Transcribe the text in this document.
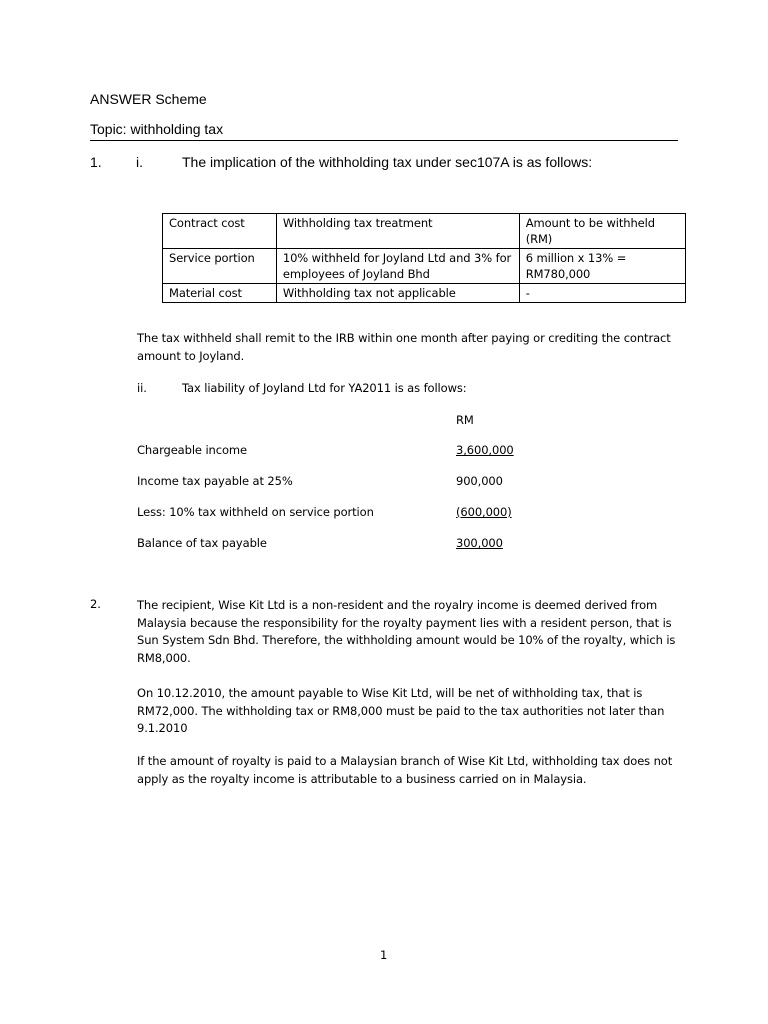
ANSWER Scheme
Topic: withholding tax
1. i.	The implication of the withholding tax under sec107A is as follows:
Contract cost	Withholding tax treatment	Amount to be withheld (RM)
Service portion	10% withheld for Joyland Ltd and 3% for employees of Joyland Bhd	6 million x 13% = RM780,000
Material cost	Withholding tax not applicable	-
The tax withheld shall remit to the IRB within one month after paying or crediting the contract amount to Joyland.
ii.	Tax liability of Joyland Ltd for YA2011 is as follows:
RM
Chargeable income	3,600,000
Income tax payable at 25%	900,000
Less: 10% tax withheld on service portion	(600,000)
Balance of tax payable	300,000
2.	The recipient, Wise Kit Ltd is a non-resident and the royalry income is deemed derived from Malaysia because the responsibility for the royalty payment lies with a resident person, that is Sun System Sdn Bhd. Therefore, the withholding amount would be 10% of the royalty, which is RM8,000.
On 10.12.2010, the amount payable to Wise Kit Ltd, will be net of withholding tax, that is RM72,000. The withholding tax or RM8,000 must be paid to the tax authorities not later than 9.1.2010
If the amount of royalty is paid to a Malaysian branch of Wise Kit Ltd, withholding tax does not apply as the royalty income is attributable to a business carried on in Malaysia.
1
